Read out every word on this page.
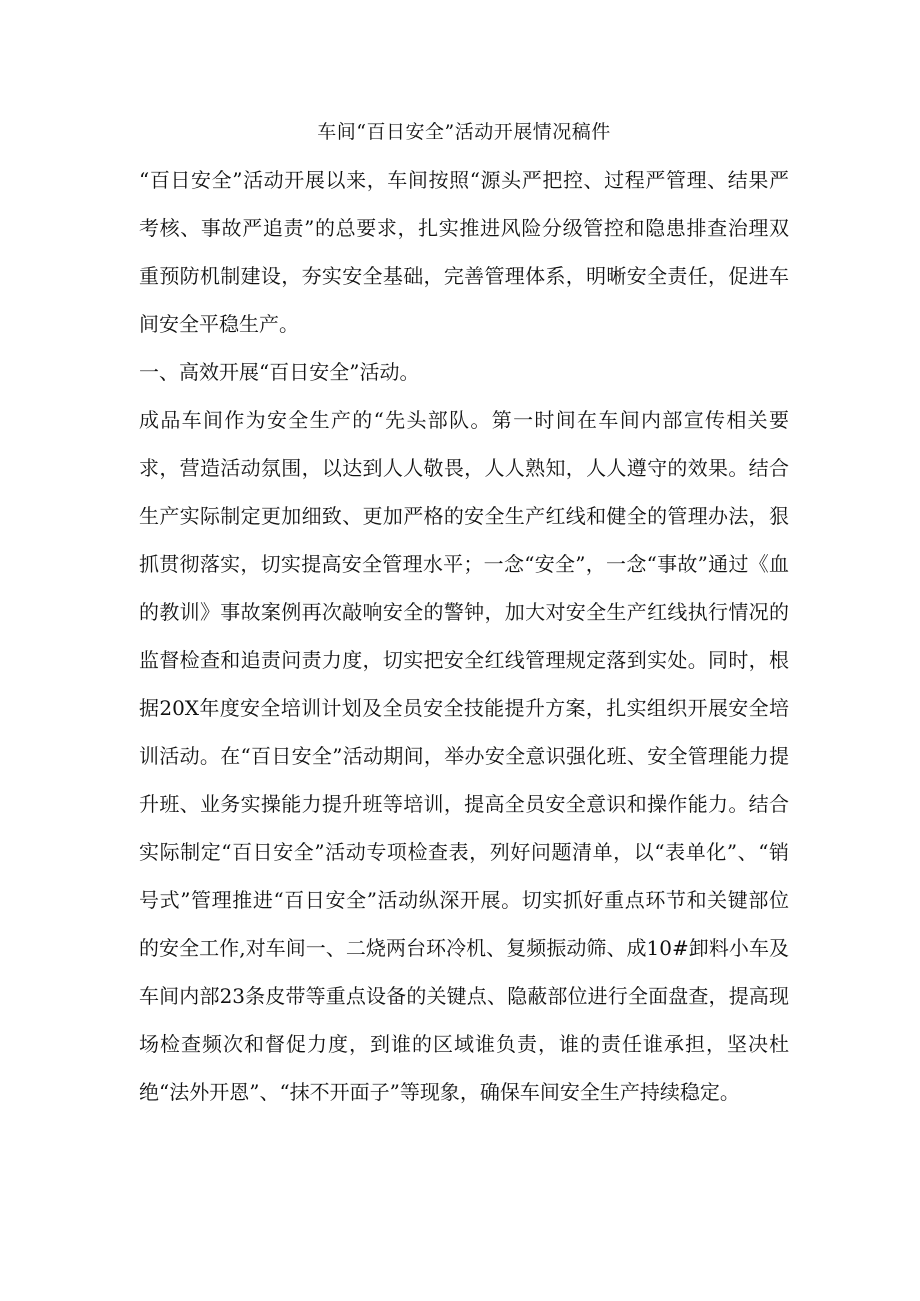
车间“百日安全”活动开展情况稿件

“百日安全”活动开展以来，车间按照“源头严把控、过程严管理、结果严考核、事故严追责”的总要求，扎实推进风险分级管控和隐患排查治理双重预防机制建设，夯实安全基础，完善管理体系，明晰安全责任，促进车间安全平稳生产。

一、高效开展“百日安全”活动。

成品车间作为安全生产的“先头部队。第一时间在车间内部宣传相关要求，营造活动氛围，以达到人人敬畏，人人熟知，人人遵守的效果。结合生产实际制定更加细致、更加严格的安全生产红线和健全的管理办法，狠抓贯彻落实，切实提高安全管理水平；一念“安全”，一念“事故”通过《血的教训》事故案例再次敲响安全的警钟，加大对安全生产红线执行情况的监督检查和追责问责力度，切实把安全红线管理规定落到实处。同时，根据20X年度安全培训计划及全员安全技能提升方案，扎实组织开展安全培训活动。在“百日安全”活动期间，举办安全意识强化班、安全管理能力提升班、业务实操能力提升班等培训，提高全员安全意识和操作能力。结合实际制定“百日安全”活动专项检查表，列好问题清单，以“表单化”、“销号式”管理推进“百日安全”活动纵深开展。切实抓好重点环节和关键部位的安全工作,对车间一、二烧两台环冷机、复频振动筛、成10#卸料小车及车间内部23条皮带等重点设备的关键点、隐蔽部位进行全面盘查，提高现场检查频次和督促力度，到谁的区域谁负责，谁的责任谁承担，坚决杜绝“法外开恩”、“抹不开面子”等现象，确保车间安全生产持续稳定。
